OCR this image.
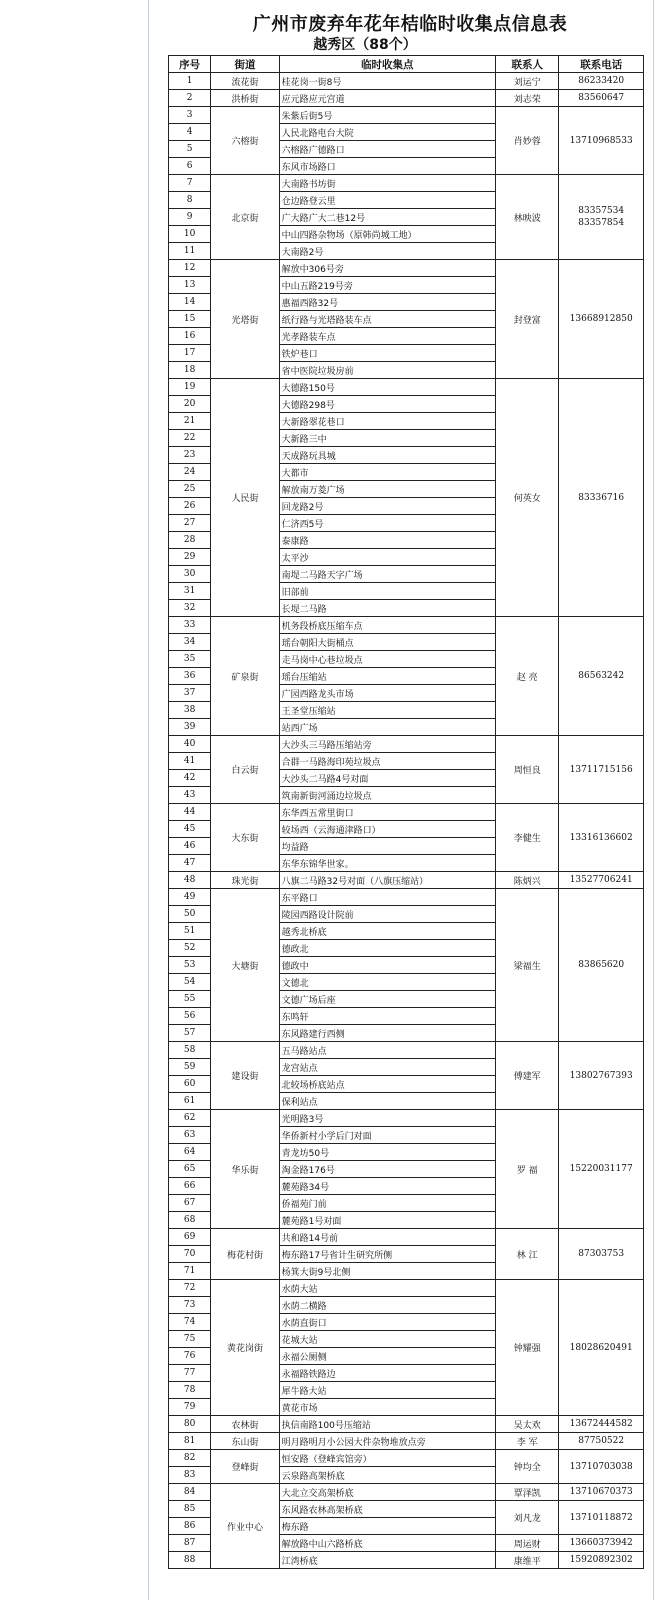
广州市废弃年花年桔临时收集点信息表
越秀区（88个）
序号	街道	临时收集点	联系人	联系电话
1	流花街	桂花岗一街8号	刘运宁	86233420
2	洪桥街	应元路应元宫道	刘志荣	83560647
3	六榕街	朱紫后街5号	肖妙蓉	13710968533
4		人民北路电台大院		
5		六榕路广德路口		
6		东风市场路口		
7	北京街	大南路书坊街	林映波	83357534 83357854
8		仓边路登云里		
9		广大路广大二巷12号		
10		中山四路杂物场（原韩尚城工地）		
11		大南路2号		
12	光塔街	解放中306号旁	封登富	13668912850
13		中山五路219号旁		
14		惠福西路32号		
15		纸行路与光塔路装车点		
16		光孝路装车点		
17		铁炉巷口		
18		省中医院垃圾房前		
19	人民街	大德路150号	何英女	83336716
20		大德路298号		
21		大新路翠花巷口		
22		大新路三中		
23		天成路玩具城		
24		大都市		
25		解放南万菱广场		
26		回龙路2号		
27		仁济西5号		
28		泰康路		
29		太平沙		
30		南堤二马路天字广场		
31		旧部前		
32		长堤二马路		
33	矿泉街	机务段桥底压缩车点	赵 亮	86563242
34		瑶台朝阳大街桶点		
35		走马岗中心巷垃圾点		
36		瑶台压缩站		
37		广园西路龙头市场		
38		王圣堂压缩站		
39		站西广场		
40	白云街	大沙头三马路压缩站旁	周恒良	13711715156
41		合群一马路海印苑垃圾点		
42		大沙头二马路4号对面		
43		筑南新街河涌边垃圾点		
44	大东街	东华西五常里街口	李健生	13316136602
45		较场西（云海通津路口）		
46		均益路		
47		东华东锦华世家。		
48	珠光街	八旗二马路32号对面（八旗压缩站）	陈炳兴	13527706241
49	大塘街	东平路口	梁福生	83865620
50		陵园西路设计院前		
51		越秀北桥底		
52		德政北		
53		德政中		
54		文德北		
55		文德广场后座		
56		东鸣轩		
57		东风路建行西侧		
58	建设街	五马路站点	傅建军	13802767393
59		龙宫站点		
60		北较场桥底站点		
61		保利站点		
62	华乐街	光明路3号	罗 福	15220031177
63		华侨新村小学后门对面		
64		青龙坊50号		
65		淘金路176号		
66		麓苑路34号		
67		侨福苑门前		
68		麓苑路1号对面		
69	梅花村街	共和路14号前	林 江	87303753
70		梅东路17号省计生研究所侧		
71		杨箕大街9号北侧		
72	黄花岗街	水荫大站	钟耀强	18028620491
73		水荫二横路		
74		水荫直街口		
75		花城大站		
76		永福公厕侧		
77		永福路铁路边		
78		犀牛路大站		
79		黄花市场		
80	农林街	执信南路100号压缩站	吴太欢	13672444582
81	东山街	明月路明月小公园大件杂物堆放点旁	李 军	87750522
82	登峰街	恒安路（登峰宾馆旁）	钟均全	13710703038
83		云泉路高架桥底		
84	作业中心	大北立交高架桥底	覃泽凯	13710670373
85		东风路农林高架桥底	刘凡龙	13710118872
86		梅东路		
87		解放路中山六路桥底	周运财	13660373942
88		江湾桥底	康维平	15920892302
